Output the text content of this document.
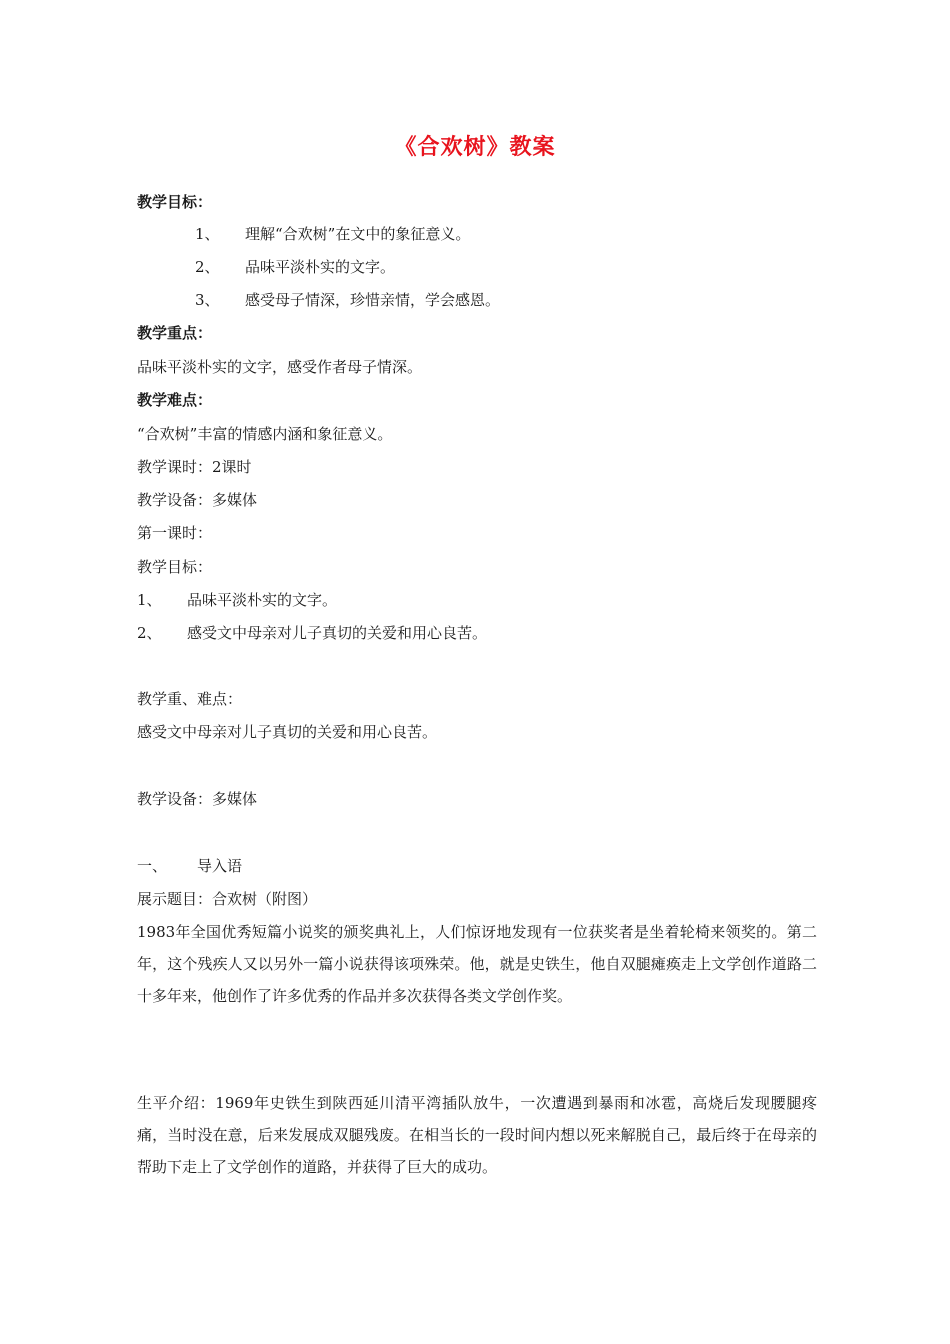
《合欢树》教案
教学目标：
1、 理解“合欢树”在文中的象征意义。
2、 品味平淡朴实的文字。
3、 感受母子情深，珍惜亲情，学会感恩。
教学重点：
品味平淡朴实的文字，感受作者母子情深。
教学难点：
“合欢树”丰富的情感内涵和象征意义。
教学课时：2课时
教学设备：多媒体
第一课时：
教学目标：
1、 品味平淡朴实的文字。
2、 感受文中母亲对儿子真切的关爱和用心良苦。
教学重、难点：
感受文中母亲对儿子真切的关爱和用心良苦。
教学设备：多媒体
一、 导入语
展示题目：合欢树（附图）
1983年全国优秀短篇小说奖的颁奖典礼上，人们惊讶地发现有一位获奖者是坐着轮椅来领奖的。第二年，这个残疾人又以另外一篇小说获得该项殊荣。他，就是史铁生，他自双腿瘫痪走上文学创作道路二十多年来，他创作了许多优秀的作品并多次获得各类文学创作奖。
生平介绍：1969年史铁生到陕西延川清平湾插队放牛，一次遭遇到暴雨和冰雹，高烧后发现腰腿疼痛，当时没在意，后来发展成双腿残废。在相当长的一段时间内想以死来解脱自己，最后终于在母亲的帮助下走上了文学创作的道路，并获得了巨大的成功。
